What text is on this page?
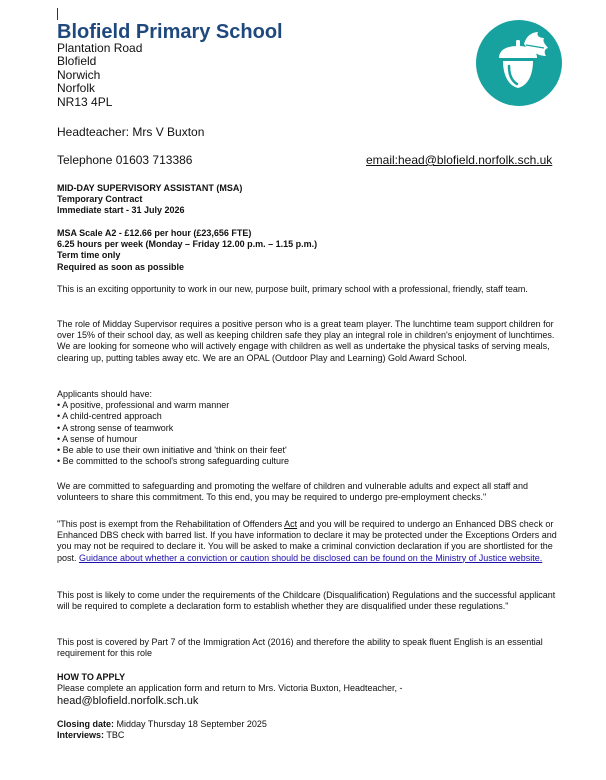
Blofield Primary School
Plantation Road
Blofield
Norwich
Norfolk
NR13 4PL
Headteacher: Mrs V Buxton
Telephone 01603 713386	email:head@blofield.norfolk.sch.uk
MID-DAY SUPERVISORY ASSISTANT (MSA)
Temporary Contract
Immediate start - 31 July 2026
MSA Scale A2 - £12.66 per hour (£23,656 FTE)
6.25 hours per week (Monday – Friday 12.00 p.m. – 1.15 p.m.)
Term time only
Required as soon as possible
This is an exciting opportunity to work in our new, purpose built, primary school with a professional, friendly, staff team.
The role of Midday Supervisor requires a positive person who is a great team player. The lunchtime team support children for over 15% of their school day, as well as keeping children safe they play an integral role in children's enjoyment of lunchtimes. We are looking for someone who will actively engage with children as well as undertake the physical tasks of serving meals, clearing up, putting tables away etc. We are an OPAL (Outdoor Play and Learning) Gold Award School.
Applicants should have:
• A positive, professional and warm manner
• A child-centred approach
• A strong sense of teamwork
• A sense of humour
• Be able to use their own initiative and 'think on their feet'
• Be committed to the school's strong safeguarding culture
We are committed to safeguarding and promoting the welfare of children and vulnerable adults and expect all staff and volunteers to share this commitment. To this end, you may be required to undergo pre-employment checks."
"This post is exempt from the Rehabilitation of Offenders Act and you will be required to undergo an Enhanced DBS check or Enhanced DBS check with barred list. If you have information to declare it may be protected under the Exceptions Orders and you may not be required to declare it. You will be asked to make a criminal conviction declaration if you are shortlisted for the post. Guidance about whether a conviction or caution should be disclosed can be found on the Ministry of Justice website.
This post is likely to come under the requirements of the Childcare (Disqualification) Regulations and the successful applicant will be required to complete a declaration form to establish whether they are disqualified under these regulations."
This post is covered by Part 7 of the Immigration Act (2016) and therefore the ability to speak fluent English is an essential requirement for this role
HOW TO APPLY
Please complete an application form and return to Mrs. Victoria Buxton, Headteacher, -
head@blofield.norfolk.sch.uk
Closing date: Midday Thursday 18 September 2025
Interviews: TBC
